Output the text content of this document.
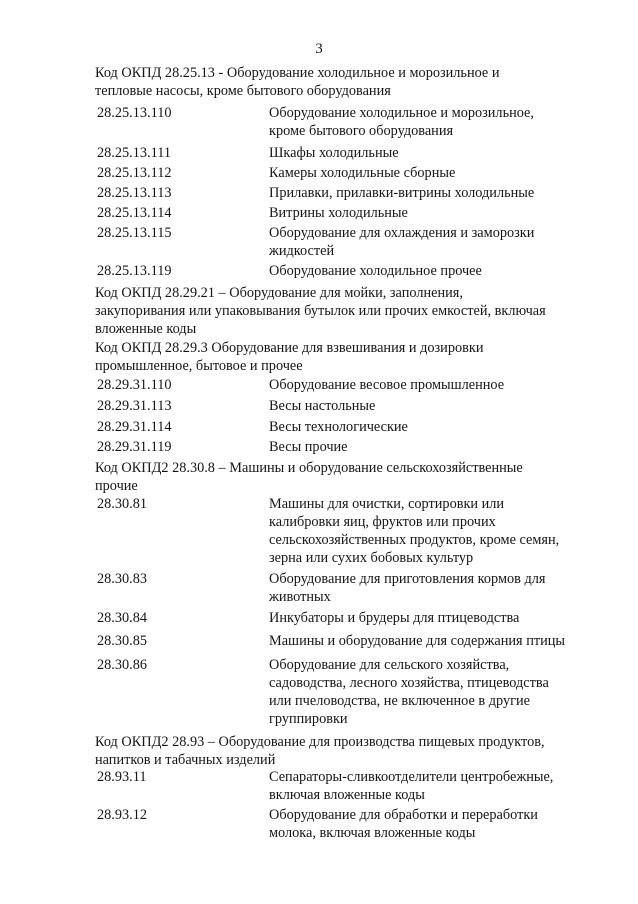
3
Код ОКПД 28.25.13 - Оборудование холодильное и морозильное и
тепловые насосы, кроме бытового оборудования
28.25.13.110	Оборудование холодильное и морозильное,
кроме бытового оборудования
28.25.13.111	Шкафы холодильные
28.25.13.112	Камеры холодильные сборные
28.25.13.113	Прилавки, прилавки-витрины холодильные
28.25.13.114	Витрины холодильные
28.25.13.115	Оборудование для охлаждения и заморозки
жидкостей
28.25.13.119	Оборудование холодильное прочее
Код ОКПД 28.29.21 – Оборудование для мойки, заполнения,
закупоривания или упаковывания бутылок или прочих емкостей, включая
вложенные коды
Код ОКПД 28.29.3 Оборудование для взвешивания и дозировки
промышленное, бытовое и прочее
28.29.31.110	Оборудование весовое промышленное
28.29.31.113	Весы настольные
28.29.31.114	Весы технологические
28.29.31.119	Весы прочие
Код ОКПД2 28.30.8 – Машины и оборудование сельскохозяйственные
прочие
28.30.81	Машины для очистки, сортировки или
калибровки яиц, фруктов или прочих
сельскохозяйственных продуктов, кроме семян,
зерна или сухих бобовых культур
28.30.83	Оборудование для приготовления кормов для
животных
28.30.84	Инкубаторы и брудеры для птицеводства
28.30.85	Машины и оборудование для содержания птицы
28.30.86	Оборудование для сельского хозяйства,
садоводства, лесного хозяйства, птицеводства
или пчеловодства, не включенное в другие
группировки
Код ОКПД2 28.93 – Оборудование для производства пищевых продуктов,
напитков и табачных изделий
28.93.11	Сепараторы-сливкоотделители центробежные,
включая вложенные коды
28.93.12	Оборудование для обработки и переработки
молока, включая вложенные коды
